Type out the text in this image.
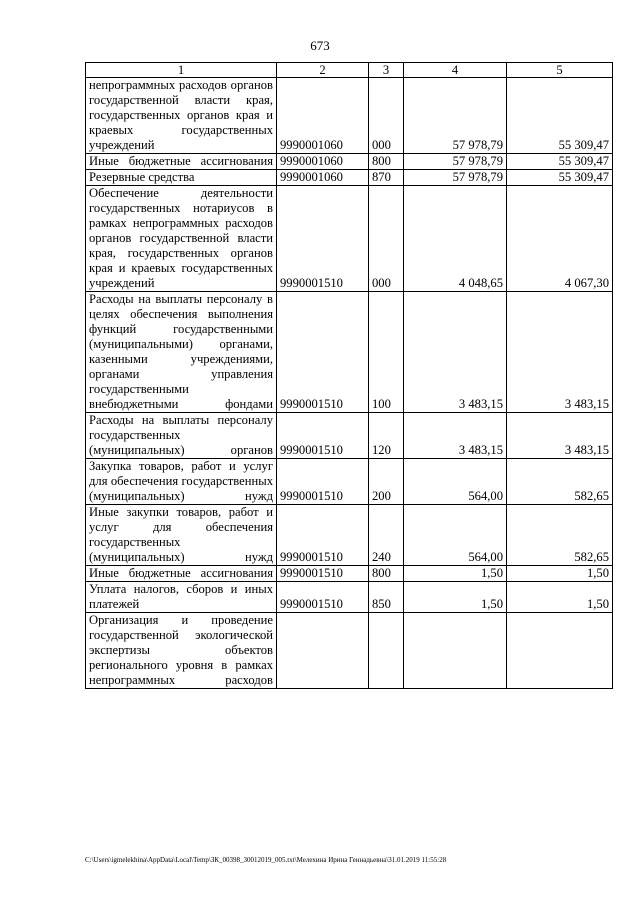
673
1	2	3	4	5
непрограммных расходов органов государственной власти края, государственных органов края и краевых государственных учреждений	9990001060	000	57 978,79	55 309,47
Иные бюджетные ассигнования	9990001060	800	57 978,79	55 309,47
Резервные средства	9990001060	870	57 978,79	55 309,47
Обеспечение деятельности государственных нотариусов в рамках непрограммных расходов органов государственной власти края, государственных органов края и краевых государственных учреждений	9990001510	000	4 048,65	4 067,30
Расходы на выплаты персоналу в целях обеспечения выполнения функций государственными (муниципальными) органами, казенными учреждениями, органами управления государственными внебюджетными фондами	9990001510	100	3 483,15	3 483,15
Расходы на выплаты персоналу государственных (муниципальных) органов	9990001510	120	3 483,15	3 483,15
Закупка товаров, работ и услуг для обеспечения государственных (муниципальных) нужд	9990001510	200	564,00	582,65
Иные закупки товаров, работ и услуг для обеспечения государственных (муниципальных) нужд	9990001510	240	564,00	582,65
Иные бюджетные ассигнования	9990001510	800	1,50	1,50
Уплата налогов, сборов и иных платежей	9990001510	850	1,50	1,50
Организация и проведение государственной экологической экспертизы объектов регионального уровня в рамках непрограммных расходов				
C:\Users\igmelekhina\AppData\Local\Temp\ЗК_00398_30012019_005.txt\Мелехина Ирина Геннадьевна\31.01.2019 11:55:28
